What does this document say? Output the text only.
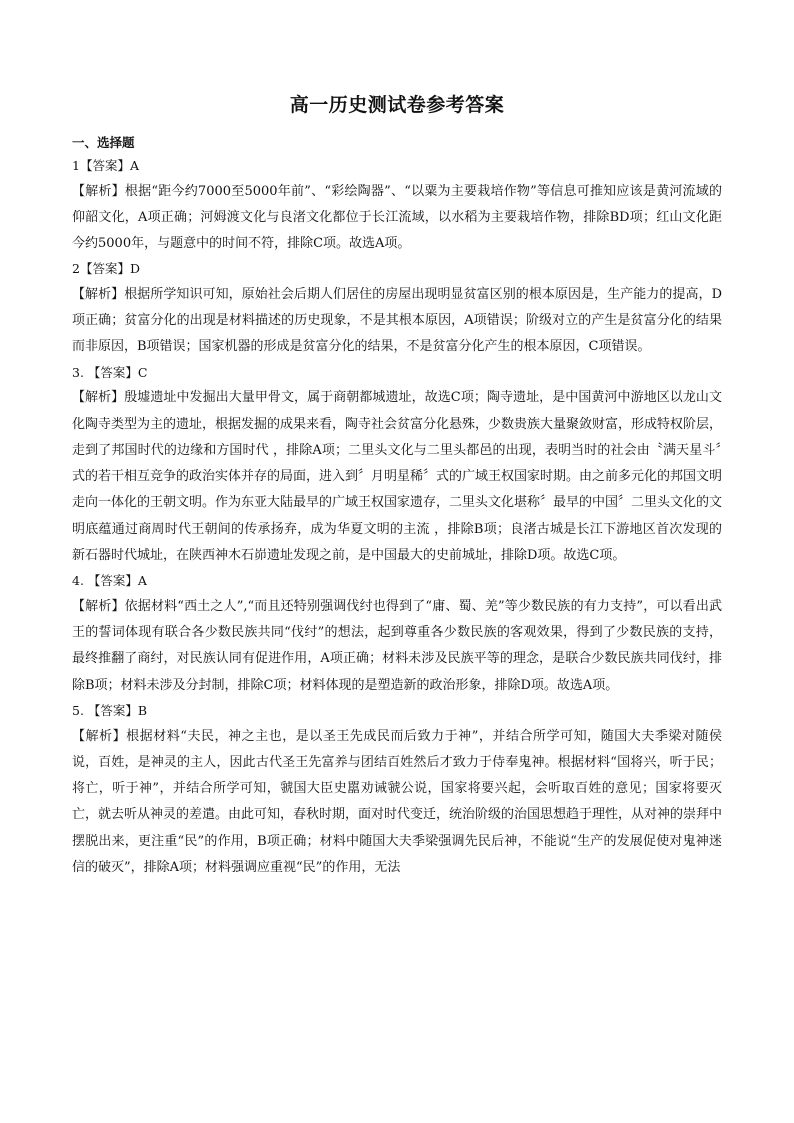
高一历史测试卷参考答案

一、选择题

1【答案】A

【解析】根据“距今约7000至5000年前”、“彩绘陶器”、“以粟为主要栽培作物”等信息可推知应该是黄河流域的仰韶文化，A项正确；河姆渡文化与良渚文化都位于长江流域，以水稻为主要栽培作物，排除BD项；红山文化距今约5000年，与题意中的时间不符，排除C项。故选A项。

2【答案】D

【解析】根据所学知识可知，原始社会后期人们居住的房屋出现明显贫富区别的根本原因是，生产能力的提高，D项正确；贫富分化的出现是材料描述的历史现象，不是其根本原因，A项错误；阶级对立的产生是贫富分化的结果而非原因，B项错误；国家机器的形成是贫富分化的结果，不是贫富分化产生的根本原因，C项错误。

3. 【答案】C

【解析】殷墟遗址中发掘出大量甲骨文，属于商朝都城遗址，故选C项；陶寺遗址，是中国黄河中游地区以龙山文化陶寺类型为主的遗址，根据发掘的成果来看，陶寺社会贫富分化悬殊，少数贵族大量聚敛财富，形成特权阶层，走到了邦国时代的边缘和方国时代 ，排除A项；二里头文化与二里头都邑的出现，表明当时的社会由〝满天星斗〞式的若干相互竞争的政治实体并存的局面，进入到〞月明星稀〞式的广域王权国家时期。由之前多元化的邦国文明走向一体化的王朝文明。作为东亚大陆最早的广域王权国家遗存，二里头文化堪称〞最早的中国〞二里头文化的文明底蕴通过商周时代王朝间的传承扬弃，成为华夏文明的主流 ，排除B项；良渚古城是长江下游地区首次发现的新石器时代城址，在陕西神木石峁遗址发现之前，是中国最大的史前城址，排除D项。故选C项。

4. 【答案】A

【解析】依据材料“西土之人”,“而且还特别强调伐纣也得到了“庸、蜀、羌”等少数民族的有力支持”，可以看出武王的誓词体现有联合各少数民族共同“伐纣”的想法，起到尊重各少数民族的客观效果，得到了少数民族的支持，最终推翻了商纣，对民族认同有促进作用，A项正确；材料未涉及民族平等的理念，是联合少数民族共同伐纣，排除B项；材料未涉及分封制，排除C项；材料体现的是塑造新的政治形象，排除D项。故选A项。

5. 【答案】B

【解析】根据材料“夫民，神之主也，是以圣王先成民而后致力于神”，并结合所学可知，随国大夫季梁对随侯说，百姓，是神灵的主人，因此古代圣王先富养与团结百姓然后才致力于侍奉鬼神。根据材料“国将兴，听于民；将亡，听于神”，并结合所学可知，虢国大臣史嚚劝诫虢公说，国家将要兴起，会听取百姓的意见；国家将要灭亡，就去听从神灵的差遣。由此可知，春秋时期，面对时代变迁，统治阶级的治国思想趋于理性，从对神的崇拜中摆脱出来，更注重“民”的作用，B项正确；材料中随国大夫季梁强调先民后神，不能说“生产的发展促使对鬼神迷信的破灭”，排除A项；材料强调应重视“民”的作用，无法
